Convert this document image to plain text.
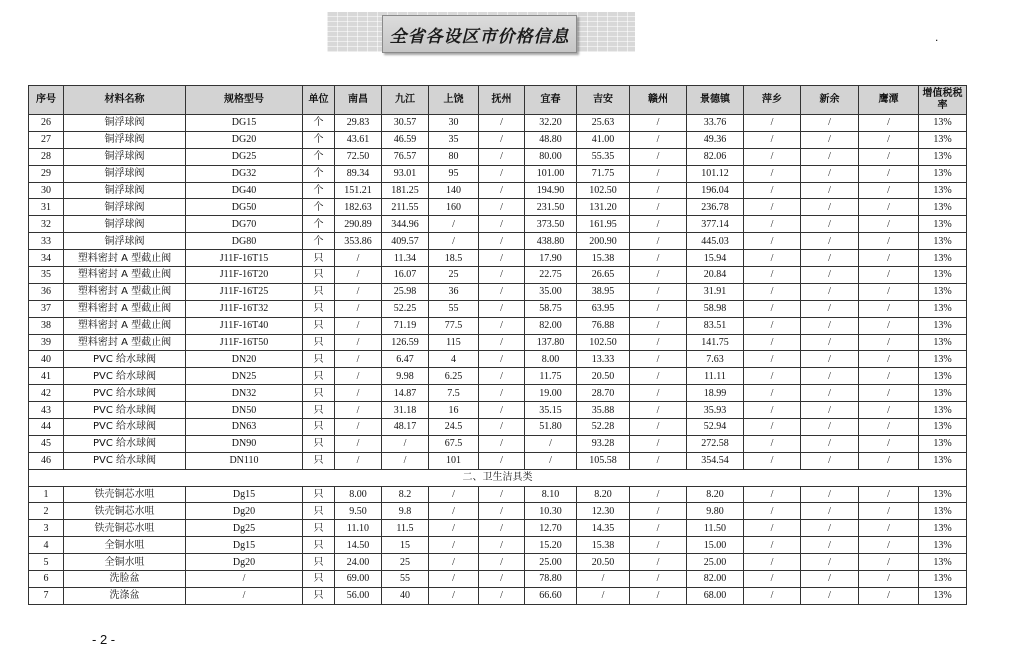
全省各设区市价格信息	.
序号	材料名称	规格型号	单位	南昌	九江	上饶	抚州	宜春	吉安	赣州	景德镇	萍乡	新余	鹰潭	增值税税率
26	铜浮球阀	DG15	个	29.83	30.57	30	/	32.20	25.63	/	33.76	/	/	/	13%
27	铜浮球阀	DG20	个	43.61	46.59	35	/	48.80	41.00	/	49.36	/	/	/	13%
28	铜浮球阀	DG25	个	72.50	76.57	80	/	80.00	55.35	/	82.06	/	/	/	13%
29	铜浮球阀	DG32	个	89.34	93.01	95	/	101.00	71.75	/	101.12	/	/	/	13%
30	铜浮球阀	DG40	个	151.21	181.25	140	/	194.90	102.50	/	196.04	/	/	/	13%
31	铜浮球阀	DG50	个	182.63	211.55	160	/	231.50	131.20	/	236.78	/	/	/	13%
32	铜浮球阀	DG70	个	290.89	344.96	/	/	373.50	161.95	/	377.14	/	/	/	13%
33	铜浮球阀	DG80	个	353.86	409.57	/	/	438.80	200.90	/	445.03	/	/	/	13%
34	塑料密封 A 型截止阀	J11F-16T15	只	/	11.34	18.5	/	17.90	15.38	/	15.94	/	/	/	13%
35	塑料密封 A 型截止阀	J11F-16T20	只	/	16.07	25	/	22.75	26.65	/	20.84	/	/	/	13%
36	塑料密封 A 型截止阀	J11F-16T25	只	/	25.98	36	/	35.00	38.95	/	31.91	/	/	/	13%
37	塑料密封 A 型截止阀	J11F-16T32	只	/	52.25	55	/	58.75	63.95	/	58.98	/	/	/	13%
38	塑料密封 A 型截止阀	J11F-16T40	只	/	71.19	77.5	/	82.00	76.88	/	83.51	/	/	/	13%
39	塑料密封 A 型截止阀	J11F-16T50	只	/	126.59	115	/	137.80	102.50	/	141.75	/	/	/	13%
40	PVC 给水球阀	DN20	只	/	6.47	4	/	8.00	13.33	/	7.63	/	/	/	13%
41	PVC 给水球阀	DN25	只	/	9.98	6.25	/	11.75	20.50	/	11.11	/	/	/	13%
42	PVC 给水球阀	DN32	只	/	14.87	7.5	/	19.00	28.70	/	18.99	/	/	/	13%
43	PVC 给水球阀	DN50	只	/	31.18	16	/	35.15	35.88	/	35.93	/	/	/	13%
44	PVC 给水球阀	DN63	只	/	48.17	24.5	/	51.80	52.28	/	52.94	/	/	/	13%
45	PVC 给水球阀	DN90	只	/	/	67.5	/	/	93.28	/	272.58	/	/	/	13%
46	PVC 给水球阀	DN110	只	/	/	101	/	/	105.58	/	354.54	/	/	/	13%
二、卫生洁具类															
1	铁壳铜芯水咀	Dg15	只	8.00	8.2	/	/	8.10	8.20	/	8.20	/	/	/	13%
2	铁壳铜芯水咀	Dg20	只	9.50	9.8	/	/	10.30	12.30	/	9.80	/	/	/	13%
3	铁壳铜芯水咀	Dg25	只	11.10	11.5	/	/	12.70	14.35	/	11.50	/	/	/	13%
4	全铜水咀	Dg15	只	14.50	15	/	/	15.20	15.38	/	15.00	/	/	/	13%
5	全铜水咀	Dg20	只	24.00	25	/	/	25.00	20.50	/	25.00	/	/	/	13%
6	洗脸盆	/	只	69.00	55	/	/	78.80	/	/	82.00	/	/	/	13%
7	洗涤盆	/	只	56.00	40	/	/	66.60	/	/	68.00	/	/	/	13%
- 2 -
